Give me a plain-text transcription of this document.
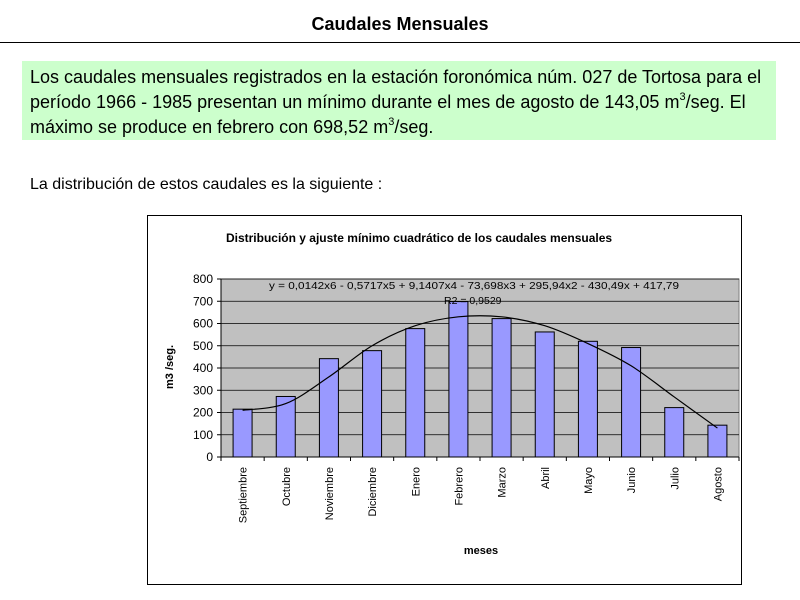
Caudales Mensuales
Los caudales mensuales registrados en la estación foronómica núm. 027 de Tortosa para el período 1966 - 1985 presentan un mínimo durante el mes de agosto de 143,05 $m^3$/seg. El máximo se produce en febrero con 698,52 $m^3$/seg.
La distribución de estos caudales es la siguiente :
Distribución y ajuste mínimo cuadrático de los caudales mensuales
0
100
200
300
400
500
600
700
800
Septiembre	Octubre	Noviembre	Diciembre	Enero	Febrero	Marzo	Abril	Mayo	Junio	Julio	Agosto
y = 0,0142x6 - 0,5717x5 + 9,1407x4 - 73,698x3 + 295,94x2 - 430,49x + 417,79
R2 = 0,9529
meses
m3 /seg.
